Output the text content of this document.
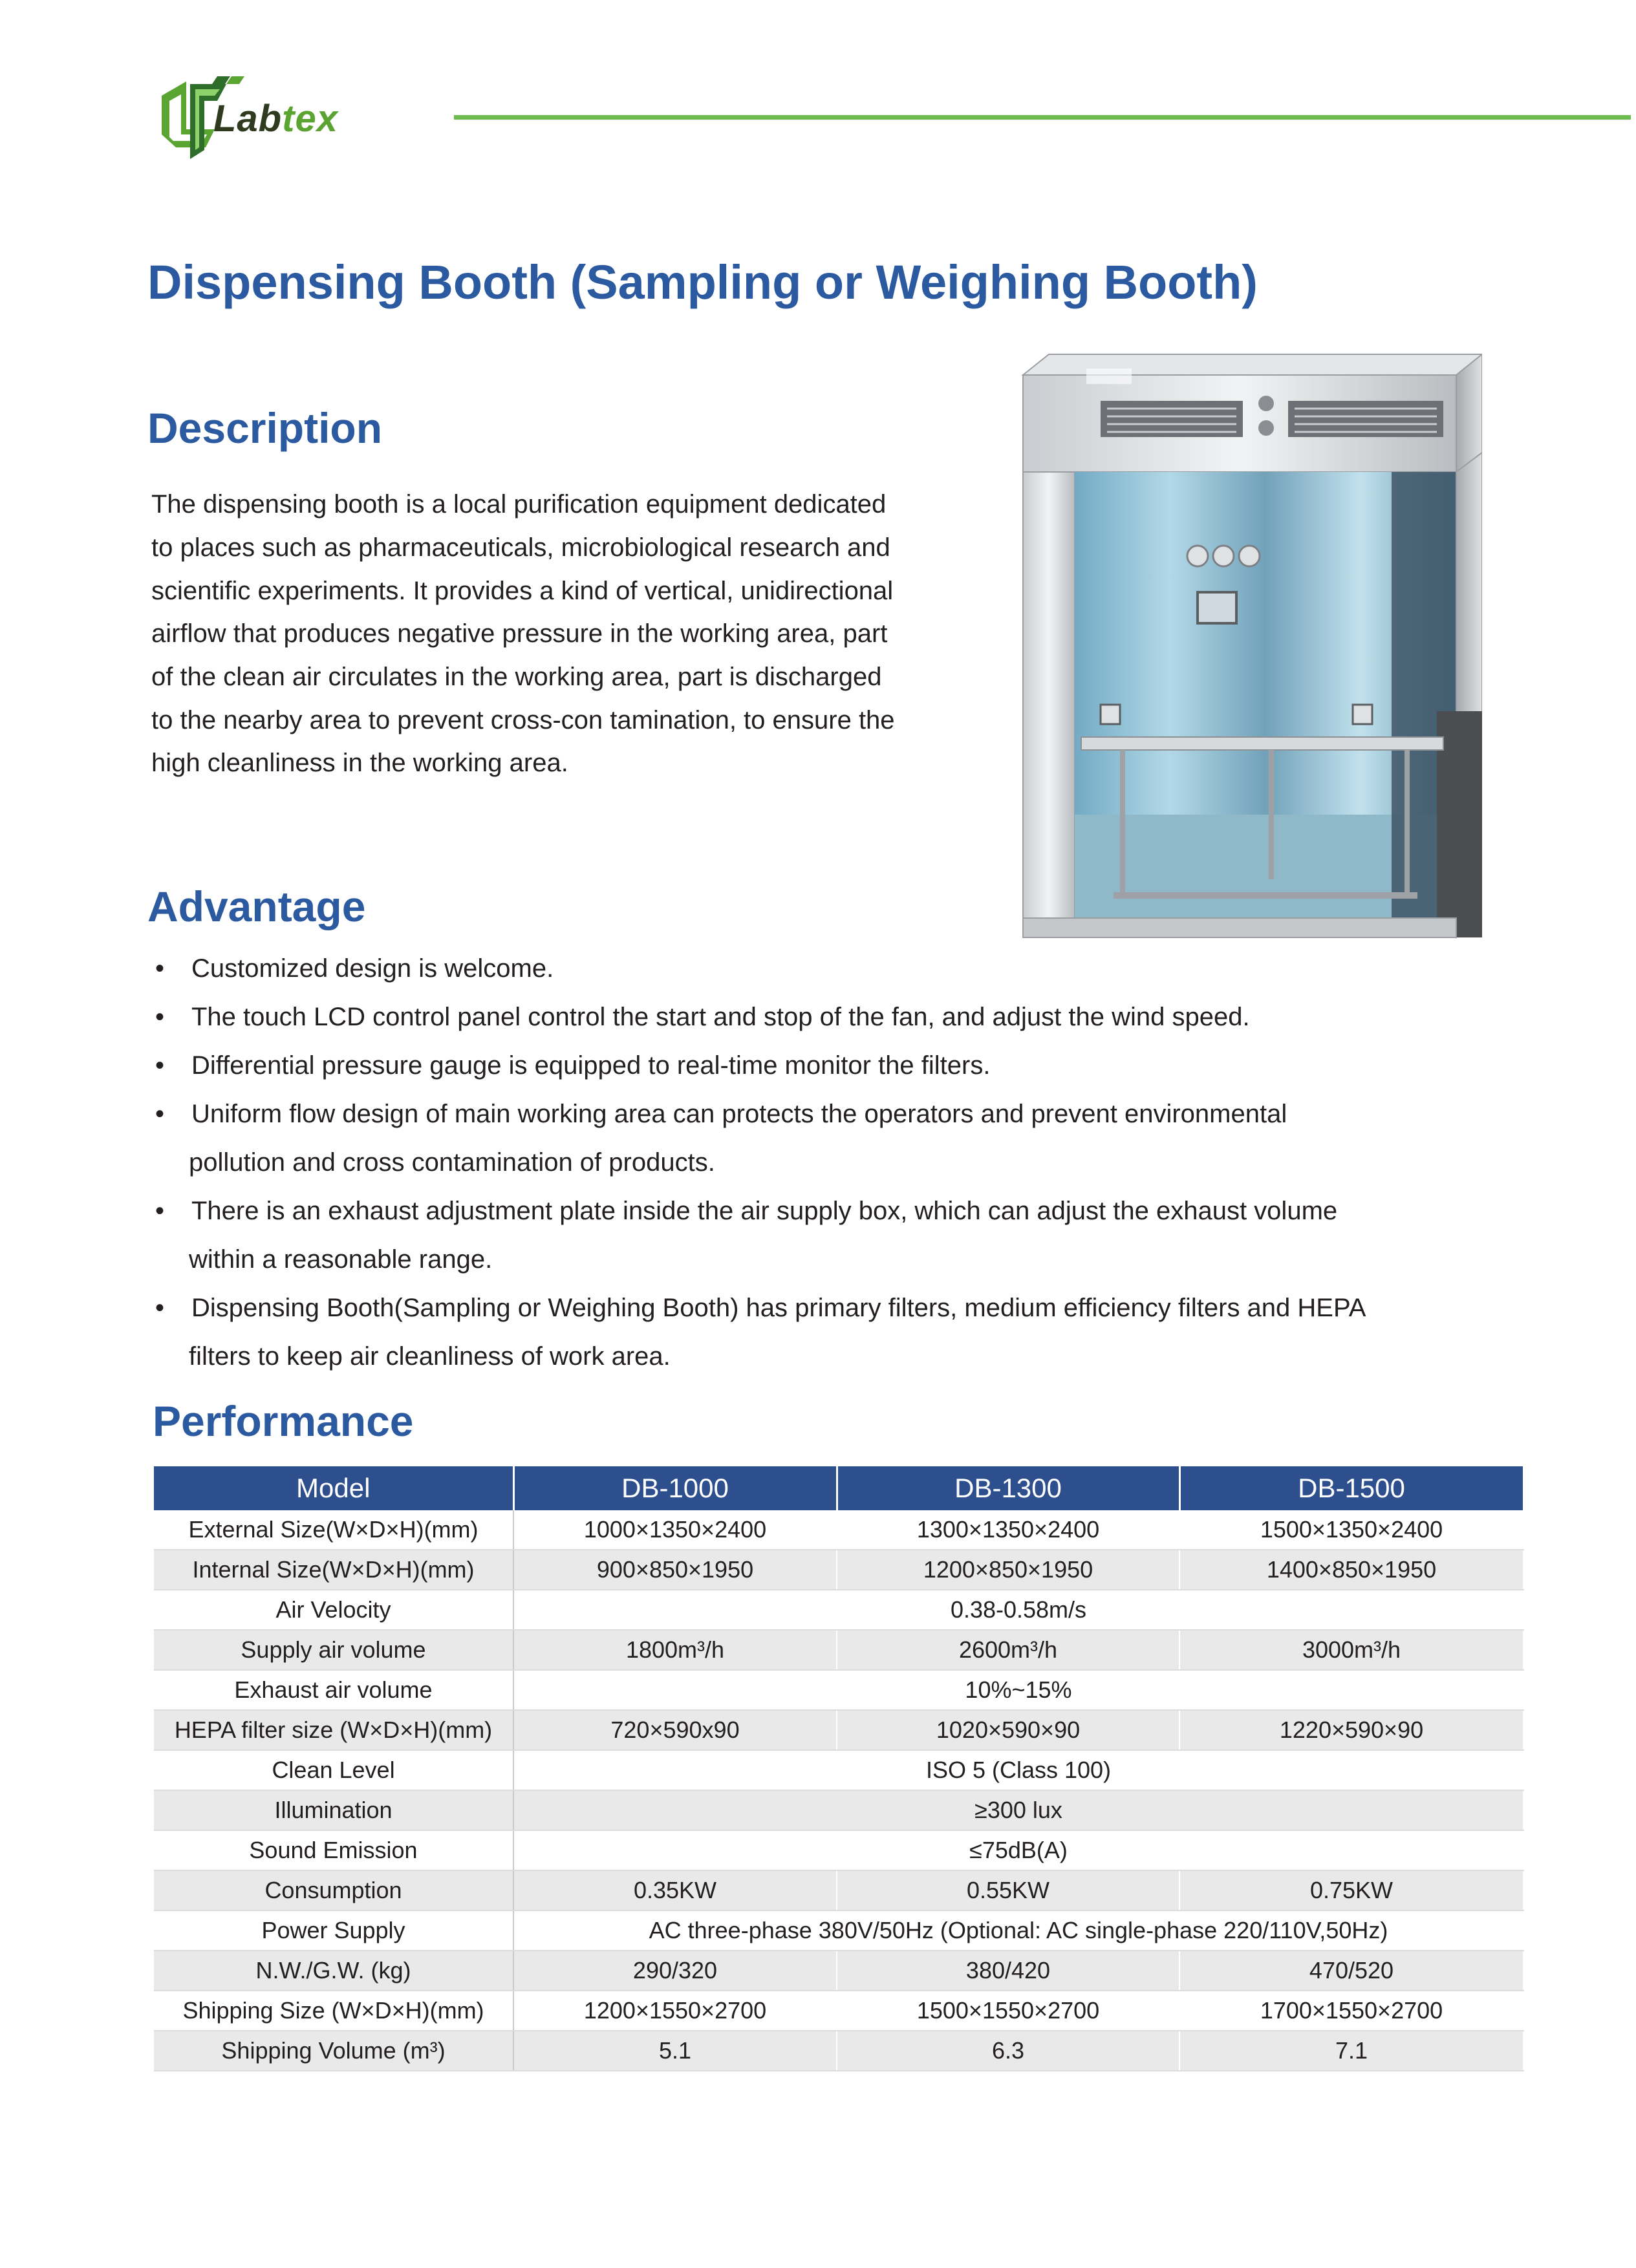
Labtex
Dispensing Booth (Sampling or Weighing Booth)
Description
The dispensing booth is a local purification equipment dedicated
to places such as pharmaceuticals, microbiological research and
scientific experiments. It provides a kind of vertical, unidirectional
airflow that produces negative pressure in the working area, part
of the clean air circulates in the working area, part is discharged
to the nearby area to prevent cross-con tamination, to ensure the
high cleanliness in the working area.
Advantage
• Customized design is welcome.
• The touch LCD control panel control the start and stop of the fan, and adjust the wind speed.
• Differential pressure gauge is equipped to real-time monitor the filters.
• Uniform flow design of main working area can protects the operators and prevent environmental
pollution and cross contamination of products.
• There is an exhaust adjustment plate inside the air supply box, which can adjust the exhaust volume
within a reasonable range.
• Dispensing Booth(Sampling or Weighing Booth) has primary filters, medium efficiency filters and HEPA
filters to keep air cleanliness of work area.
Performance
Model	DB-1000	DB-1300	DB-1500
External Size(W×D×H)(mm)	1000×1350×2400	1300×1350×2400	1500×1350×2400
Internal Size(W×D×H)(mm)	900×850×1950	1200×850×1950	1400×850×1950
Air Velocity	0.38-0.58m/s		
Supply air volume	1800m³/h	2600m³/h	3000m³/h
Exhaust air volume	10%~15%		
HEPA filter size (W×D×H)(mm)	720×590x90	1020×590×90	1220×590×90
Clean Level	ISO 5 (Class 100)		
Illumination	≥300 lux		
Sound Emission	≤75dB(A)		
Consumption	0.35KW	0.55KW	0.75KW
Power Supply	AC three-phase 380V/50Hz (Optional: AC single-phase 220/110V,50Hz)		
N.W./G.W. (kg)	290/320	380/420	470/520
Shipping Size (W×D×H)(mm)	1200×1550×2700	1500×1550×2700	1700×1550×2700
Shipping Volume (m³)	5.1	6.3	7.1
